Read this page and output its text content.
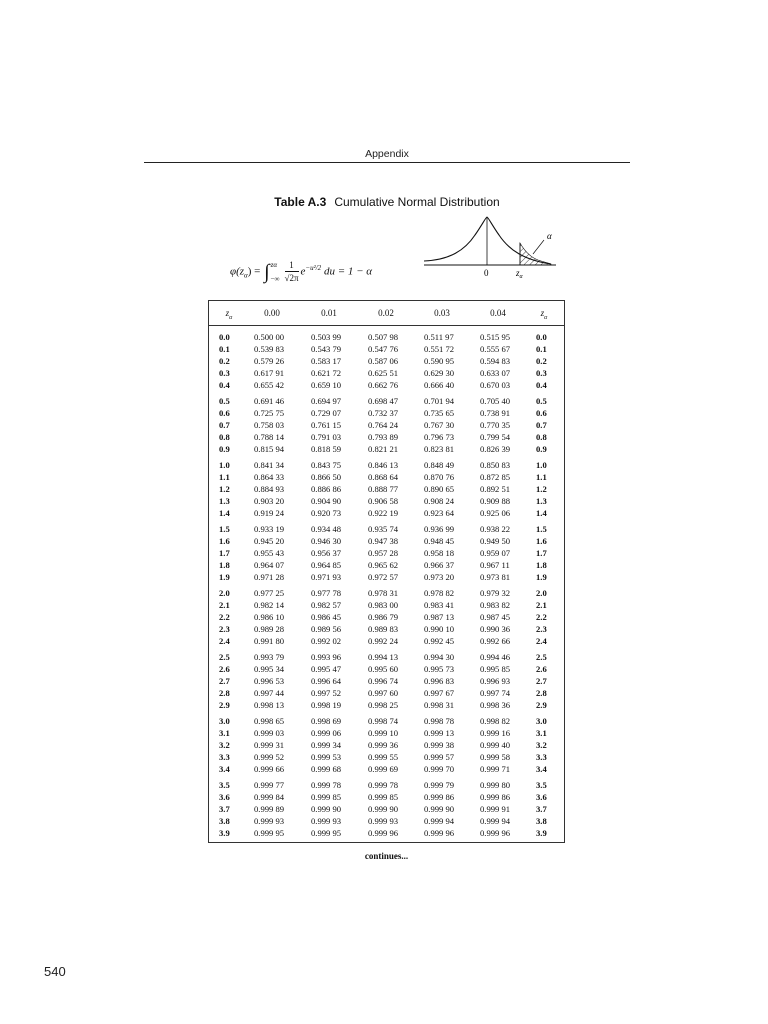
Appendix
Table A.3 Cumulative Normal Distribution
$\varphi(z_\alpha) = \int z\alpha$
−∞ $\frac{1}{√2\pi} e^{-u^2/2}$ du = 1 − α
α
0	$z_\alpha$
$z_\alpha$	0.00	0.01	0.02	0.03	0.04	$z_\alpha$
0.0	0.500 00	0.503 99	0.507 98	0.511 97	0.515 95	0.0
0.1	0.539 83	0.543 79	0.547 76	0.551 72	0.555 67	0.1
0.2	0.579 26	0.583 17	0.587 06	0.590 95	0.594 83	0.2
0.3	0.617 91	0.621 72	0.625 51	0.629 30	0.633 07	0.3
0.4	0.655 42	0.659 10	0.662 76	0.666 40	0.670 03	0.4
0.5	0.691 46	0.694 97	0.698 47	0.701 94	0.705 40	0.5
0.6	0.725 75	0.729 07	0.732 37	0.735 65	0.738 91	0.6
0.7	0.758 03	0.761 15	0.764 24	0.767 30	0.770 35	0.7
0.8	0.788 14	0.791 03	0.793 89	0.796 73	0.799 54	0.8
0.9	0.815 94	0.818 59	0.821 21	0.823 81	0.826 39	0.9
1.0	0.841 34	0.843 75	0.846 13	0.848 49	0.850 83	1.0
1.1	0.864 33	0.866 50	0.868 64	0.870 76	0.872 85	1.1
1.2	0.884 93	0.886 86	0.888 77	0.890 65	0.892 51	1.2
1.3	0.903 20	0.904 90	0.906 58	0.908 24	0.909 88	1.3
1.4	0.919 24	0.920 73	0.922 19	0.923 64	0.925 06	1.4
1.5	0.933 19	0.934 48	0.935 74	0.936 99	0.938 22	1.5
1.6	0.945 20	0.946 30	0.947 38	0.948 45	0.949 50	1.6
1.7	0.955 43	0.956 37	0.957 28	0.958 18	0.959 07	1.7
1.8	0.964 07	0.964 85	0.965 62	0.966 37	0.967 11	1.8
1.9	0.971 28	0.971 93	0.972 57	0.973 20	0.973 81	1.9
2.0	0.977 25	0.977 78	0.978 31	0.978 82	0.979 32	2.0
2.1	0.982 14	0.982 57	0.983 00	0.983 41	0.983 82	2.1
2.2	0.986 10	0.986 45	0.986 79	0.987 13	0.987 45	2.2
2.3	0.989 28	0.989 56	0.989 83	0.990 10	0.990 36	2.3
2.4	0.991 80	0.992 02	0.992 24	0.992 45	0.992 66	2.4
2.5	0.993 79	0.993 96	0.994 13	0.994 30	0.994 46	2.5
2.6	0.995 34	0.995 47	0.995 60	0.995 73	0.995 85	2.6
2.7	0.996 53	0.996 64	0.996 74	0.996 83	0.996 93	2.7
2.8	0.997 44	0.997 52	0.997 60	0.997 67	0.997 74	2.8
2.9	0.998 13	0.998 19	0.998 25	0.998 31	0.998 36	2.9
3.0	0.998 65	0.998 69	0.998 74	0.998 78	0.998 82	3.0
3.1	0.999 03	0.999 06	0.999 10	0.999 13	0.999 16	3.1
3.2	0.999 31	0.999 34	0.999 36	0.999 38	0.999 40	3.2
3.3	0.999 52	0.999 53	0.999 55	0.999 57	0.999 58	3.3
3.4	0.999 66	0.999 68	0.999 69	0.999 70	0.999 71	3.4
3.5	0.999 77	0.999 78	0.999 78	0.999 79	0.999 80	3.5
3.6	0.999 84	0.999 85	0.999 85	0.999 86	0.999 86	3.6
3.7	0.999 89	0.999 90	0.999 90	0.999 90	0.999 91	3.7
3.8	0.999 93	0.999 93	0.999 93	0.999 94	0.999 94	3.8
3.9	0.999 95	0.999 95	0.999 96	0.999 96	0.999 96	3.9
continues...
540
